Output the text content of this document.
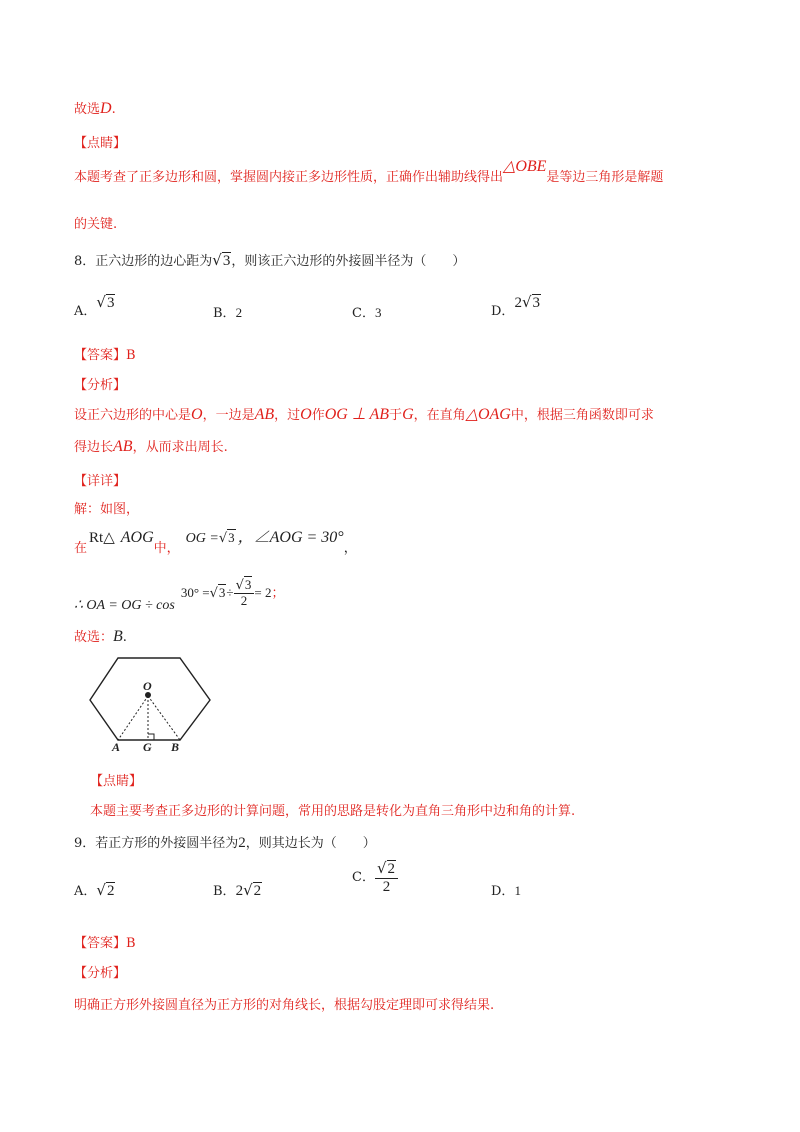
故选D.
【点睛】
本题考查了正多边形和圆，掌握圆内接正多边形性质，正确作出辅助线得出△OBE是等边三角形是解题
的关键.
8．正六边形的边心距为√3，则该正六边形的外接圆半径为（　　）
A．√3
B．2	C．3	D．2√3
【答案】B
【分析】
设正六边形的中心是O，一边是AB，过O作OG ⊥ AB于G，在直角△OAG中，根据三角函数即可求
得边长AB，从而求出周长.
【详详】
解：如图，
在Rt△ AOG中，OG =√3 ，∠AOG = 30°，
∴ OA = OG ÷ $\cos 30^\circ =√3\div \frac{√3}{2} = 2$；
故选：B.
O
A G B
【点睛】
本题主要考查正多边形的计算问题，常用的思路是转化为直角三角形中边和角的计算.
9．若正方形的外接圆半径为2，则其边长为（　　）
A．√2	B．2√2
C． $\frac{√2}{2}$	D．1
【答案】B
【分析】
明确正方形外接圆直径为正方形的对角线长，根据勾股定理即可求得结果.
